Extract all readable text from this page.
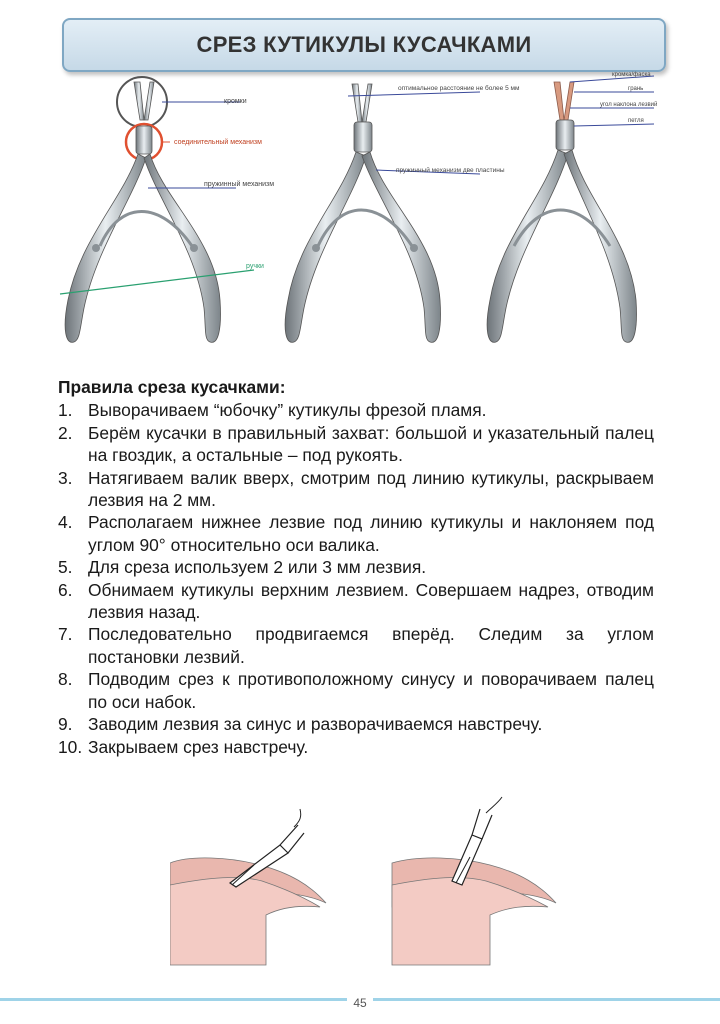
СРЕЗ КУТИКУЛЫ КУСАЧКАМИ
кромки
соединительный механизм
пружинный механизм
ручки
оптимальное расстояние не более 5 мм
пружинный механизм две пластины
кромка/фаска
грань
угол наклона лезвий
петля
Правила среза кусачками:
1. Выворачиваем “юбочку” кутикулы фрезой пламя.
2. Берём кусачки в правильный захват: большой и указательный палец на гвоздик, а остальные – под рукоять.
3. Натягиваем валик вверх, смотрим под линию кутикулы, раскрываем лезвия на 2 мм.
4. Располагаем нижнее лезвие под линию кутикулы и наклоняем под углом 90° относительно оси валика.
5. Для среза используем 2 или 3 мм лезвия.
6. Обнимаем кутикулы верхним лезвием. Совершаем надрез, отводим лезвия назад.
7. Последовательно продвигаемся вперёд. Следим за углом постановки лезвий.
8. Подводим срез к противоположному синусу и поворачиваем палец по оси набок.
9. Заводим лезвия за синус и разворачиваемся навстречу.
10. Закрываем срез навстречу.
45
